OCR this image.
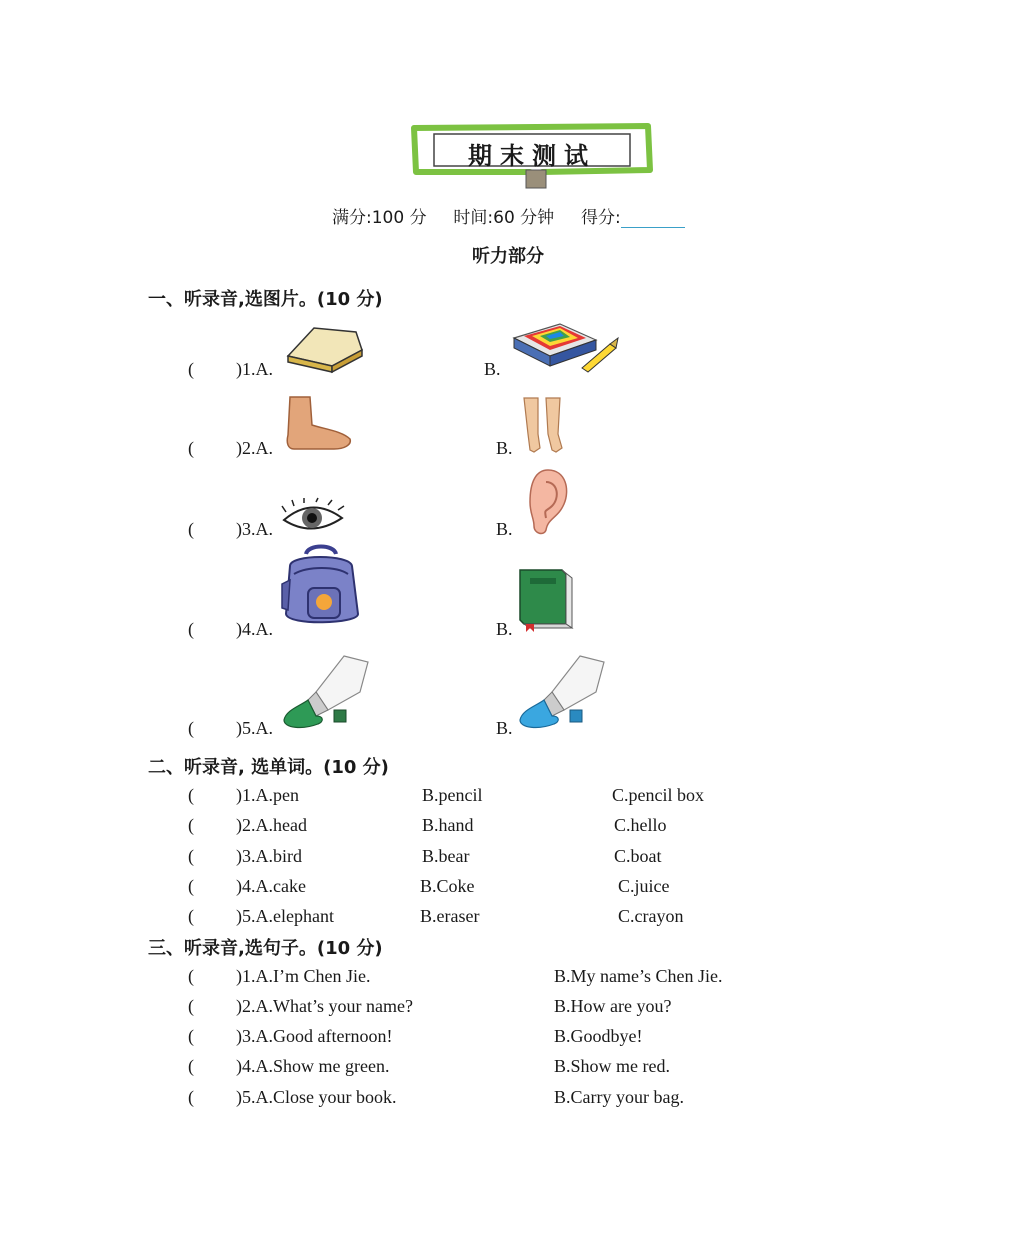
期末测试
满分:100 分 时间:60 分钟 得分:
听力部分
一、听录音,选图片。(10 分)
( )1.A.	B.
( )2.A.	B.
( )3.A.	B.
( )4.A.	B.
( )5.A.	B.
二、听录音, 选单词。(10 分)
( )1.A.pen	B.pencil	C.pencil box
( )2.A.head	B.hand	C.hello
( )3.A.bird	B.bear	C.boat
( )4.A.cake	B.Coke	C.juice
( )5.A.elephant	B.eraser	C.crayon
三、听录音,选句子。(10 分)
( )1.A.I’m Chen Jie.	B.My name’s Chen Jie.
( )2.A.What’s your name?	B.How are you?
( )3.A.Good afternoon!	B.Goodbye!
( )4.A.Show me green.	B.Show me red.
( )5.A.Close your book.	B.Carry your bag.
